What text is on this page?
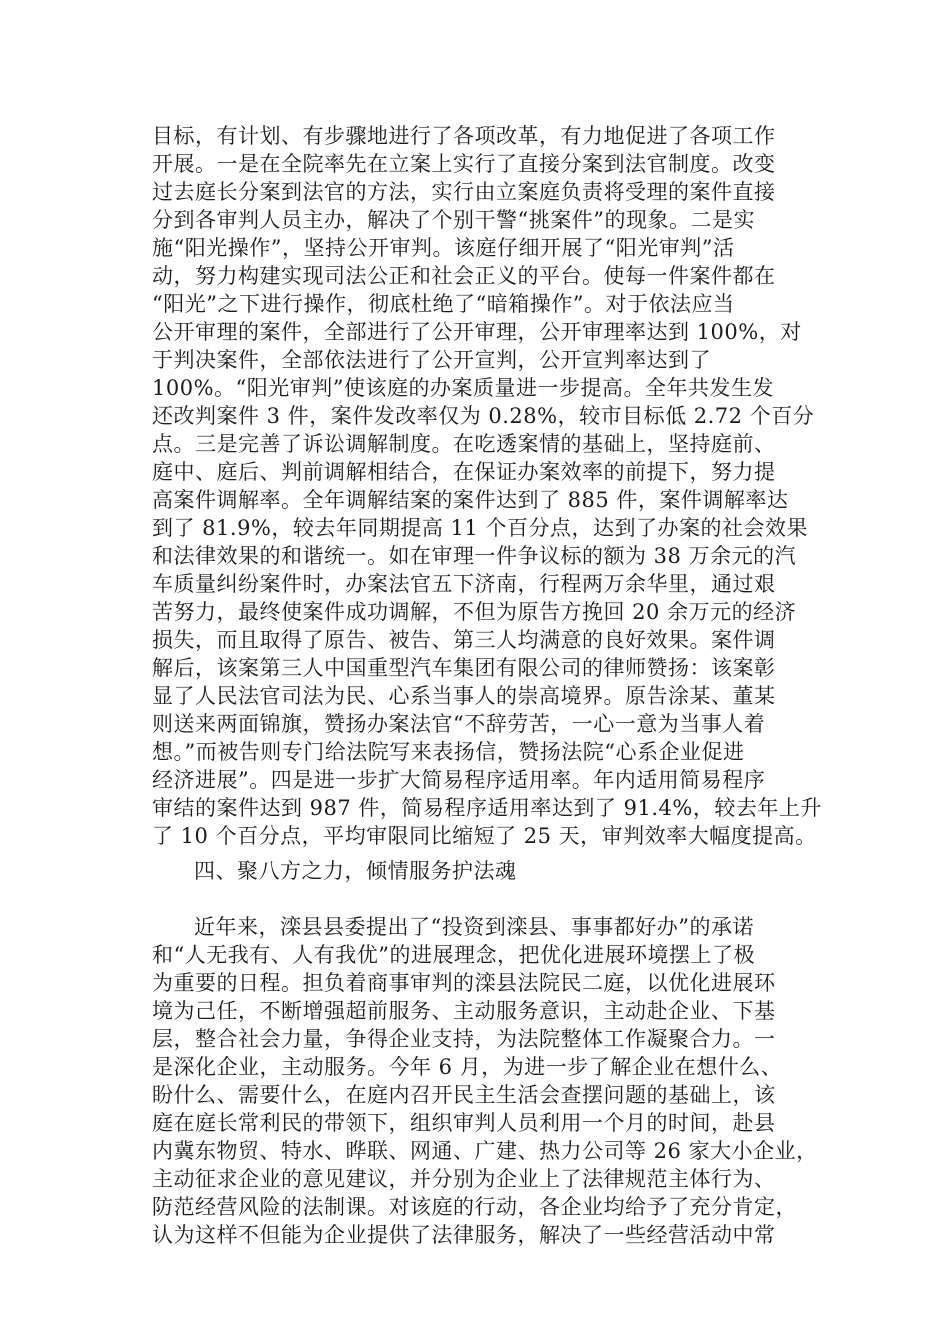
目标，有计划、有步骤地进行了各项改革，有力地促进了各项工作
开展。一是在全院率先在立案上实行了直接分案到法官制度。改变
过去庭长分案到法官的方法，实行由立案庭负责将受理的案件直接
分到各审判人员主办，解决了个别干警“挑案件”的现象。二是实
施“阳光操作”，坚持公开审判。该庭仔细开展了“阳光审判”活
动，努力构建实现司法公正和社会正义的平台。使每一件案件都在
“阳光”之下进行操作，彻底杜绝了“暗箱操作”。对于依法应当
公开审理的案件，全部进行了公开审理，公开审理率达到 100%，对
于判决案件，全部依法进行了公开宣判，公开宣判率达到了
100%。“阳光审判”使该庭的办案质量进一步提高。全年共发生发
还改判案件 3 件，案件发改率仅为 0.28%，较市目标低 2.72 个百分
点。三是完善了诉讼调解制度。在吃透案情的基础上，坚持庭前、
庭中、庭后、判前调解相结合，在保证办案效率的前提下，努力提
高案件调解率。全年调解结案的案件达到了 885 件，案件调解率达
到了 81.9%，较去年同期提高 11 个百分点，达到了办案的社会效果
和法律效果的和谐统一。如在审理一件争议标的额为 38 万余元的汽
车质量纠纷案件时，办案法官五下济南，行程两万余华里，通过艰
苦努力，最终使案件成功调解，不但为原告方挽回 20 余万元的经济
损失，而且取得了原告、被告、第三人均满意的良好效果。案件调
解后，该案第三人中国重型汽车集团有限公司的律师赞扬：该案彰
显了人民法官司法为民、心系当事人的崇高境界。原告涂某、董某
则送来两面锦旗，赞扬办案法官“不辞劳苦，一心一意为当事人着
想。”而被告则专门给法院写来表扬信，赞扬法院“心系企业促进
经济进展”。四是进一步扩大简易程序适用率。年内适用简易程序
审结的案件达到 987 件，简易程序适用率达到了 91.4%，较去年上升
了 10 个百分点，平均审限同比缩短了 25 天，审判效率大幅度提高。
四、聚八方之力，倾情服务护法魂
近年来，滦县县委提出了“投资到滦县、事事都好办”的承诺
和“人无我有、人有我优”的进展理念，把优化进展环境摆上了极
为重要的日程。担负着商事审判的滦县法院民二庭，以优化进展环
境为己任，不断增强超前服务、主动服务意识，主动赴企业、下基
层，整合社会力量，争得企业支持，为法院整体工作凝聚合力。一
是深化企业，主动服务。今年 6 月，为进一步了解企业在想什么、
盼什么、需要什么，在庭内召开民主生活会查摆问题的基础上，该
庭在庭长常利民的带领下，组织审判人员利用一个月的时间，赴县
内冀东物贸、特水、晔联、网通、广建、热力公司等 26 家大小企业，
主动征求企业的意见建议，并分别为企业上了法律规范主体行为、
防范经营风险的法制课。对该庭的行动，各企业均给予了充分肯定，
认为这样不但能为企业提供了法律服务，解决了一些经营活动中常
